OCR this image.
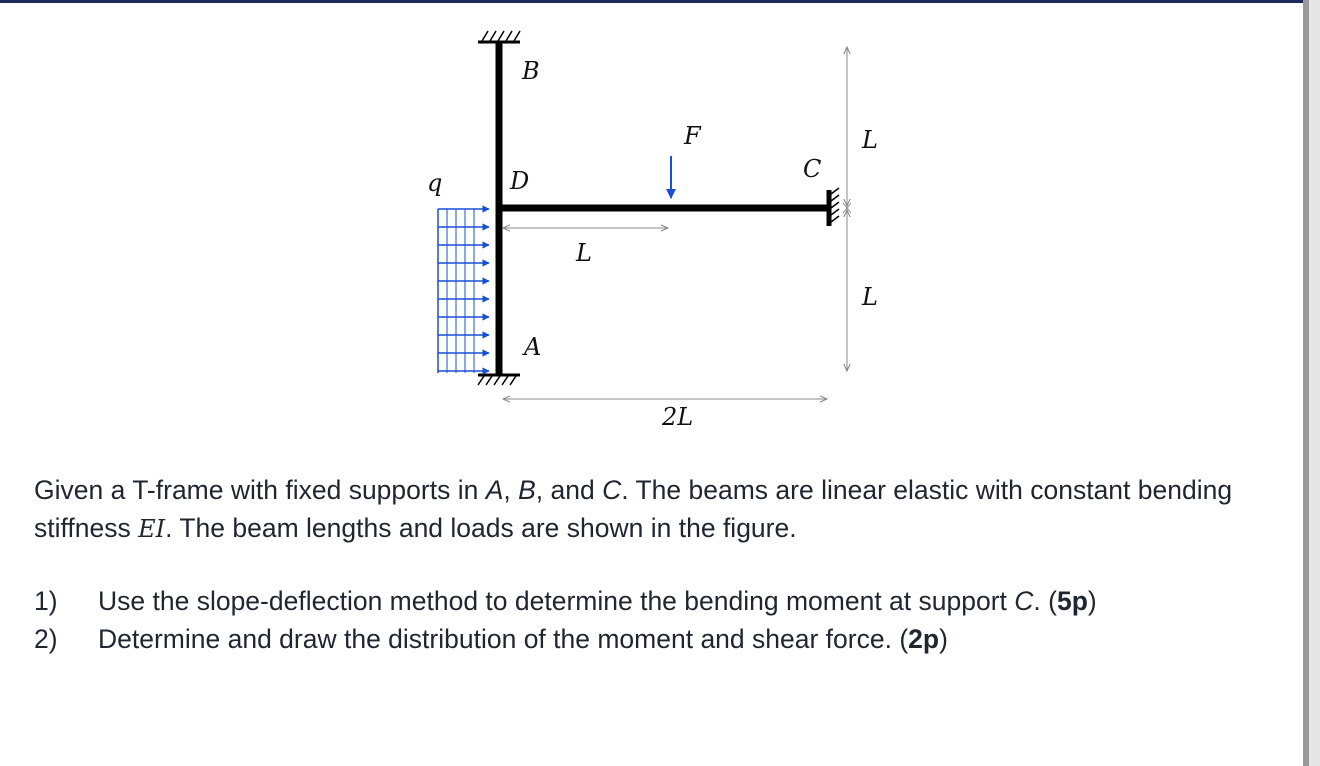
B
D
A
C
F
q
L
L
L
2L

Given a T-frame with fixed supports in A, B, and C. The beams are linear elastic with constant bending stiffness EI. The beam lengths and loads are shown in the figure.

1)	Use the slope-deflection method to determine the bending moment at support C. (5p)
2)	Determine and draw the distribution of the moment and shear force. (2p)
